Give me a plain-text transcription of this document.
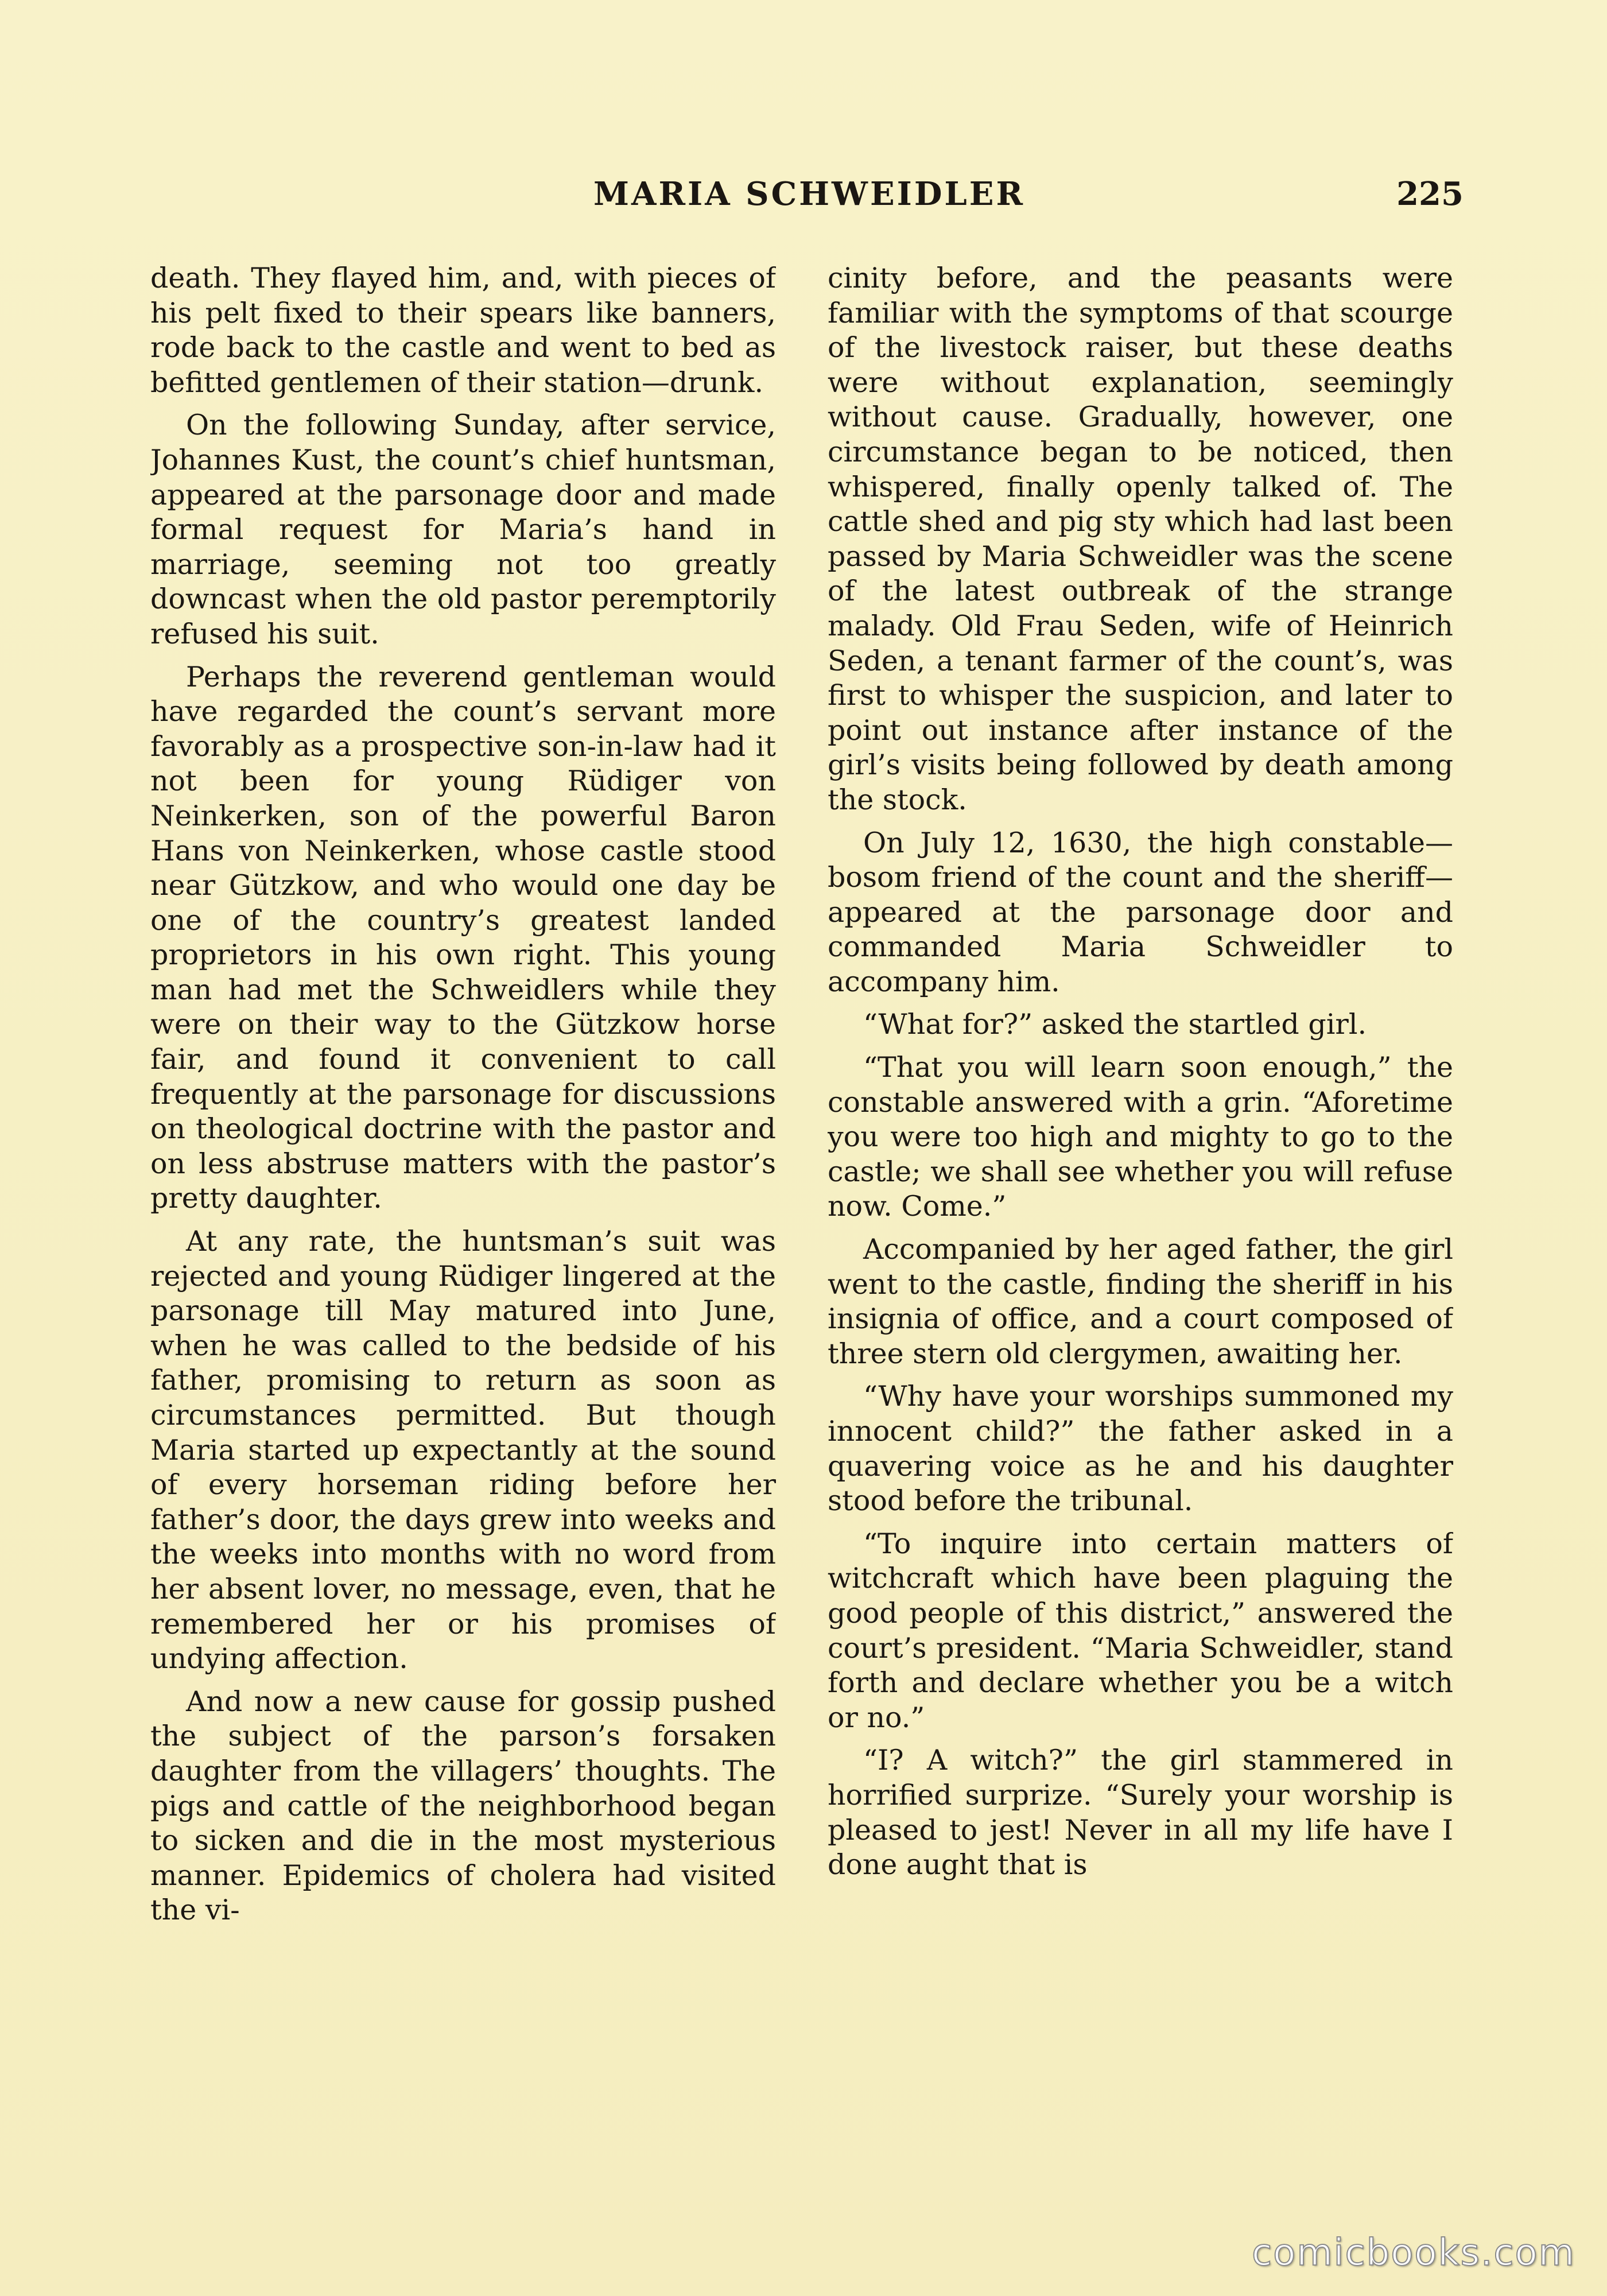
MARIA SCHWEIDLER	225

death. They flayed him, and, with pieces of his pelt fixed to their spears like banners, rode back to the castle and went to bed as befitted gentlemen of their station—drunk.

On the following Sunday, after service, Johannes Kust, the count’s chief huntsman, appeared at the parsonage door and made formal request for Maria’s hand in marriage, seeming not too greatly downcast when the old pastor peremptorily refused his suit.

Perhaps the reverend gentleman would have regarded the count’s servant more favorably as a prospective son-in-law had it not been for young Rüdiger von Neinkerken, son of the powerful Baron Hans von Neinkerken, whose castle stood near Gützkow, and who would one day be one of the country’s greatest landed proprietors in his own right. This young man had met the Schweidlers while they were on their way to the Gützkow horse fair, and found it convenient to call frequently at the parsonage for discussions on theological doctrine with the pastor and on less abstruse matters with the pastor’s pretty daughter.

At any rate, the huntsman’s suit was rejected and young Rüdiger lingered at the parsonage till May matured into June, when he was called to the bedside of his father, promising to return as soon as circumstances permitted. But though Maria started up expectantly at the sound of every horseman riding before her father’s door, the days grew into weeks and the weeks into months with no word from her absent lover, no message, even, that he remembered her or his promises of undying affection.

And now a new cause for gossip pushed the subject of the parson’s forsaken daughter from the villagers’ thoughts. The pigs and cattle of the neighborhood began to sicken and die in the most mysterious manner. Epidemics of cholera had visited the vi-

cinity before, and the peasants were familiar with the symptoms of that scourge of the livestock raiser, but these deaths were without explanation, seemingly without cause. Gradually, however, one circumstance began to be noticed, then whispered, finally openly talked of. The cattle shed and pig sty which had last been passed by Maria Schweidler was the scene of the latest outbreak of the strange malady. Old Frau Seden, wife of Heinrich Seden, a tenant farmer of the count’s, was first to whisper the suspicion, and later to point out instance after instance of the girl’s visits being followed by death among the stock.

On July 12, 1630, the high constable—bosom friend of the count and the sheriff—appeared at the parsonage door and commanded Maria Schweidler to accompany him.

“What for?” asked the startled girl.

“That you will learn soon enough,” the constable answered with a grin. “Aforetime you were too high and mighty to go to the castle; we shall see whether you will refuse now. Come.”

Accompanied by her aged father, the girl went to the castle, finding the sheriff in his insignia of office, and a court composed of three stern old clergymen, awaiting her.

“Why have your worships summoned my innocent child?” the father asked in a quavering voice as he and his daughter stood before the tribunal.

“To inquire into certain matters of witchcraft which have been plaguing the good people of this district,” answered the court’s president. “Maria Schweidler, stand forth and declare whether you be a witch or no.”

“I? A witch?” the girl stammered in horrified surprize. “Surely your worship is pleased to jest! Never in all my life have I done aught that is

comicbooks.com
